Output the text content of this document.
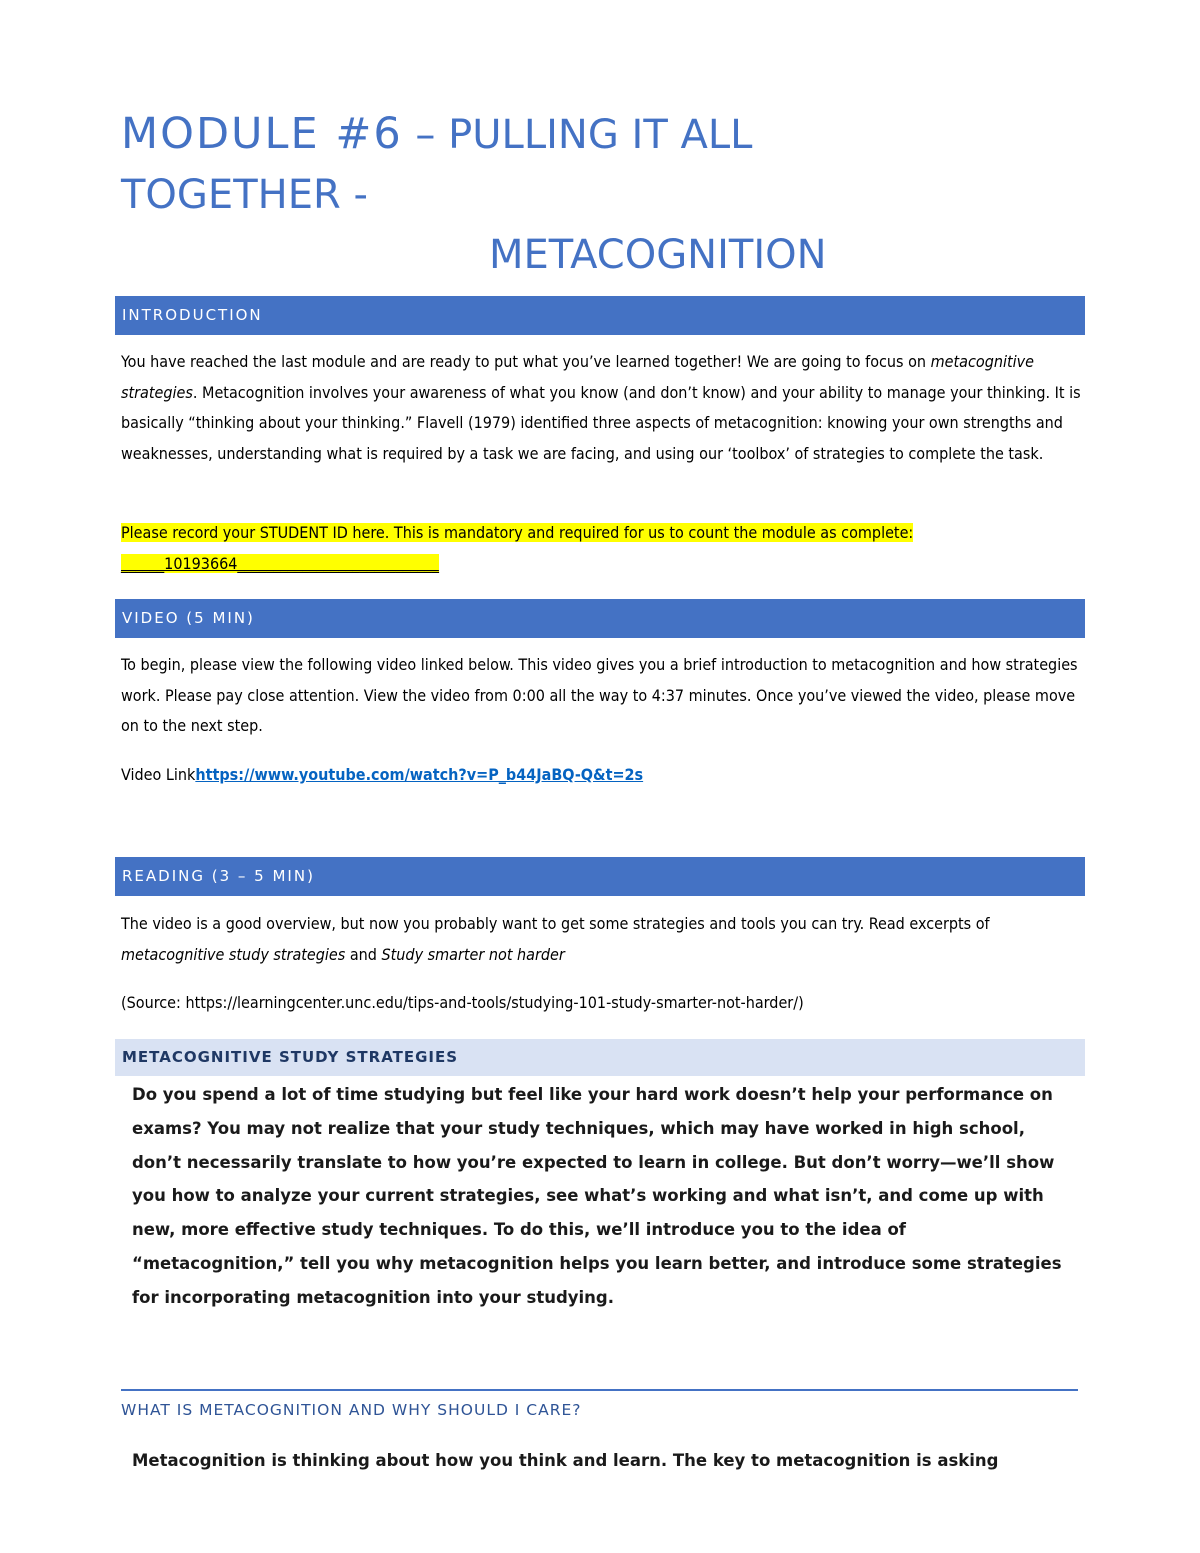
MODULE #6 – PULLING IT ALL
TOGETHER -
METACOGNITION
INTRODUCTION

You have reached the last module and are ready to put what you’ve learned together! We are going to focus on metacognitive strategies. Metacognition involves your awareness of what you know (and don’t know) and your ability to manage your thinking. It is basically “thinking about your thinking.” Flavell (1979) identified three aspects of metacognition: knowing your own strengths and weaknesses, understanding what is required by a task we are facing, and using our ‘toolbox’ of strategies to complete the task.

Please record your STUDENT ID here. This is mandatory and required for us to count the module as complete:
______10193664____________________________

VIDEO (5 MIN)

To begin, please view the following video linked below. This video gives you a brief introduction to metacognition and how strategies work. Please pay close attention. View the video from 0:00 all the way to 4:37 minutes. Once you’ve viewed the video, please move on to the next step.

Video Linkhttps://www.youtube.com/watch?v=P_b44JaBQ-Q&t=2s

READING (3 – 5 MIN)

The video is a good overview, but now you probably want to get some strategies and tools you can try. Read excerpts of metacognitive study strategies and Study smarter not harder

(Source: https://learningcenter.unc.edu/tips-and-tools/studying-101-study-smarter-not-harder/)

METACOGNITIVE STUDY STRATEGIES

Do you spend a lot of time studying but feel like your hard work doesn’t help your performance on exams? You may not realize that your study techniques, which may have worked in high school, don’t necessarily translate to how you’re expected to learn in college. But don’t worry—we’ll show you how to analyze your current strategies, see what’s working and what isn’t, and come up with new, more effective study techniques. To do this, we’ll introduce you to the idea of “metacognition,” tell you why metacognition helps you learn better, and introduce some strategies for incorporating metacognition into your studying.

WHAT IS METACOGNITION AND WHY SHOULD I CARE?

Metacognition is thinking about how you think and learn. The key to metacognition is asking
